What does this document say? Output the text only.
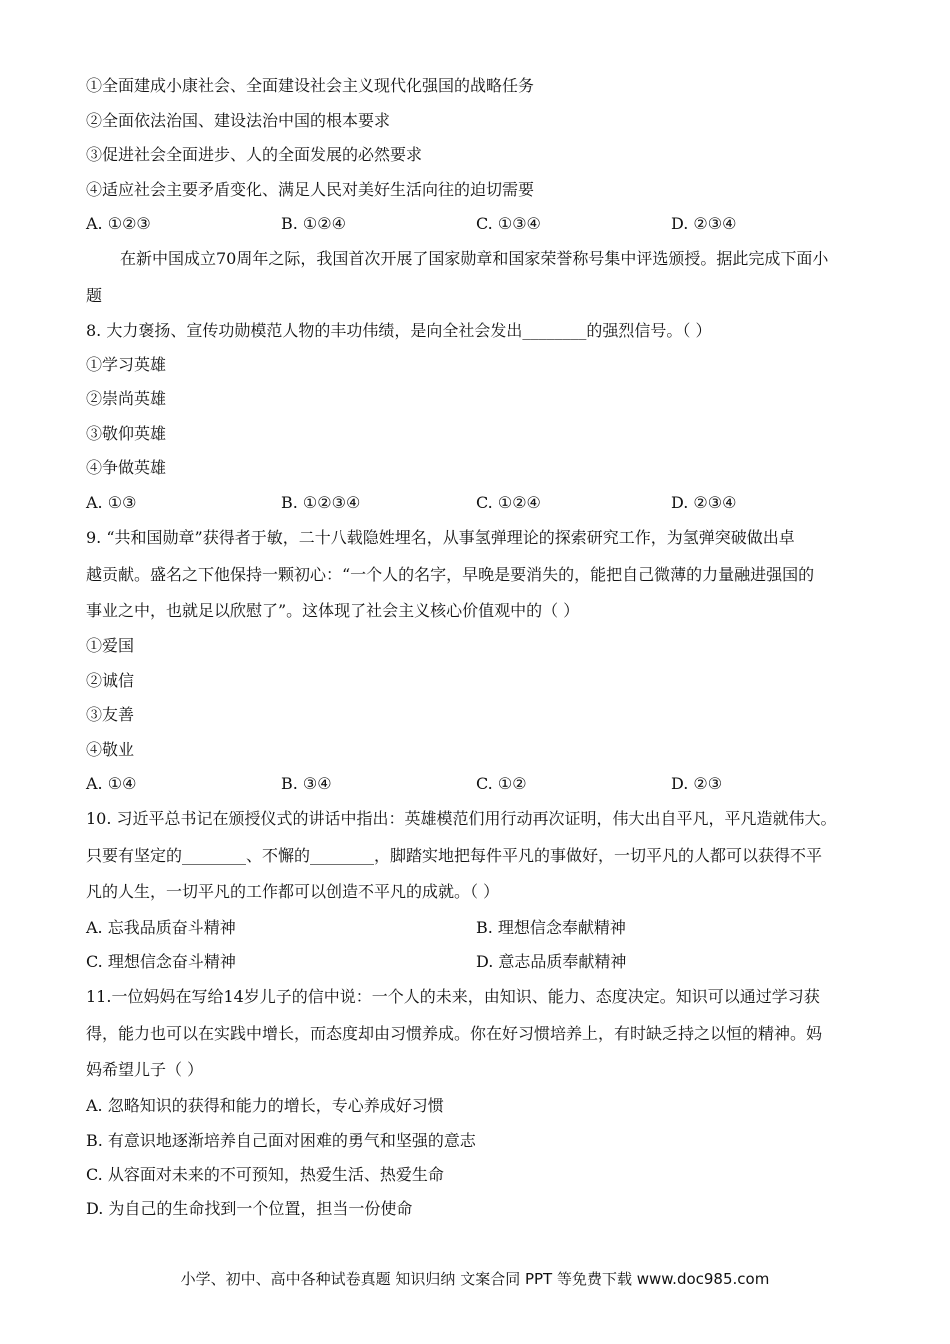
①全面建成小康社会、全面建设社会主义现代化强国的战略任务
②全面依法治国、建设法治中国的根本要求
③促进社会全面进步、人的全面发展的必然要求
④适应社会主要矛盾变化、满足人民对美好生活向往的迫切需要
A. ①②③	B. ①②④	C. ①③④	D. ②③④
在新中国成立70周年之际，我国首次开展了国家勋章和国家荣誉称号集中评选颁授。据此完成下面小
题
8. 大力褒扬、宣传功勋模范人物的丰功伟绩，是向全社会发出________的强烈信号。（ ）
①学习英雄
②崇尚英雄
③敬仰英雄
④争做英雄
A. ①③	B. ①②③④	C. ①②④	D. ②③④
9. “共和国勋章”获得者于敏，二十八载隐姓埋名，从事氢弹理论的探索研究工作，为氢弹突破做出卓
越贡献。盛名之下他保持一颗初心：“一个人的名字，早晚是要消失的，能把自己微薄的力量融进强国的
事业之中，也就足以欣慰了”。这体现了社会主义核心价值观中的（ ）
①爱国
②诚信
③友善
④敬业
A. ①④	B. ③④	C. ①②	D. ②③
10. 习近平总书记在颁授仪式的讲话中指出：英雄模范们用行动再次证明，伟大出自平凡，平凡造就伟大。
只要有坚定的________、不懈的________，脚踏实地把每件平凡的事做好，一切平凡的人都可以获得不平
凡的人生，一切平凡的工作都可以创造不平凡的成就。（ ）
A. 忘我品质奋斗精神	B. 理想信念奉献精神
C. 理想信念奋斗精神	D. 意志品质奉献精神
11.一位妈妈在写给14岁儿子的信中说：一个人的未来，由知识、能力、态度决定。知识可以通过学习获
得，能力也可以在实践中增长，而态度却由习惯养成。你在好习惯培养上，有时缺乏持之以恒的精神。妈
妈希望儿子（ ）
A. 忽略知识的获得和能力的增长，专心养成好习惯
B. 有意识地逐渐培养自己面对困难的勇气和坚强的意志
C. 从容面对未来的不可预知，热爱生活、热爱生命
D. 为自己的生命找到一个位置，担当一份使命
小学、初中、高中各种试卷真题 知识归纳 文案合同 PPT 等免费下载 www.doc985.com
